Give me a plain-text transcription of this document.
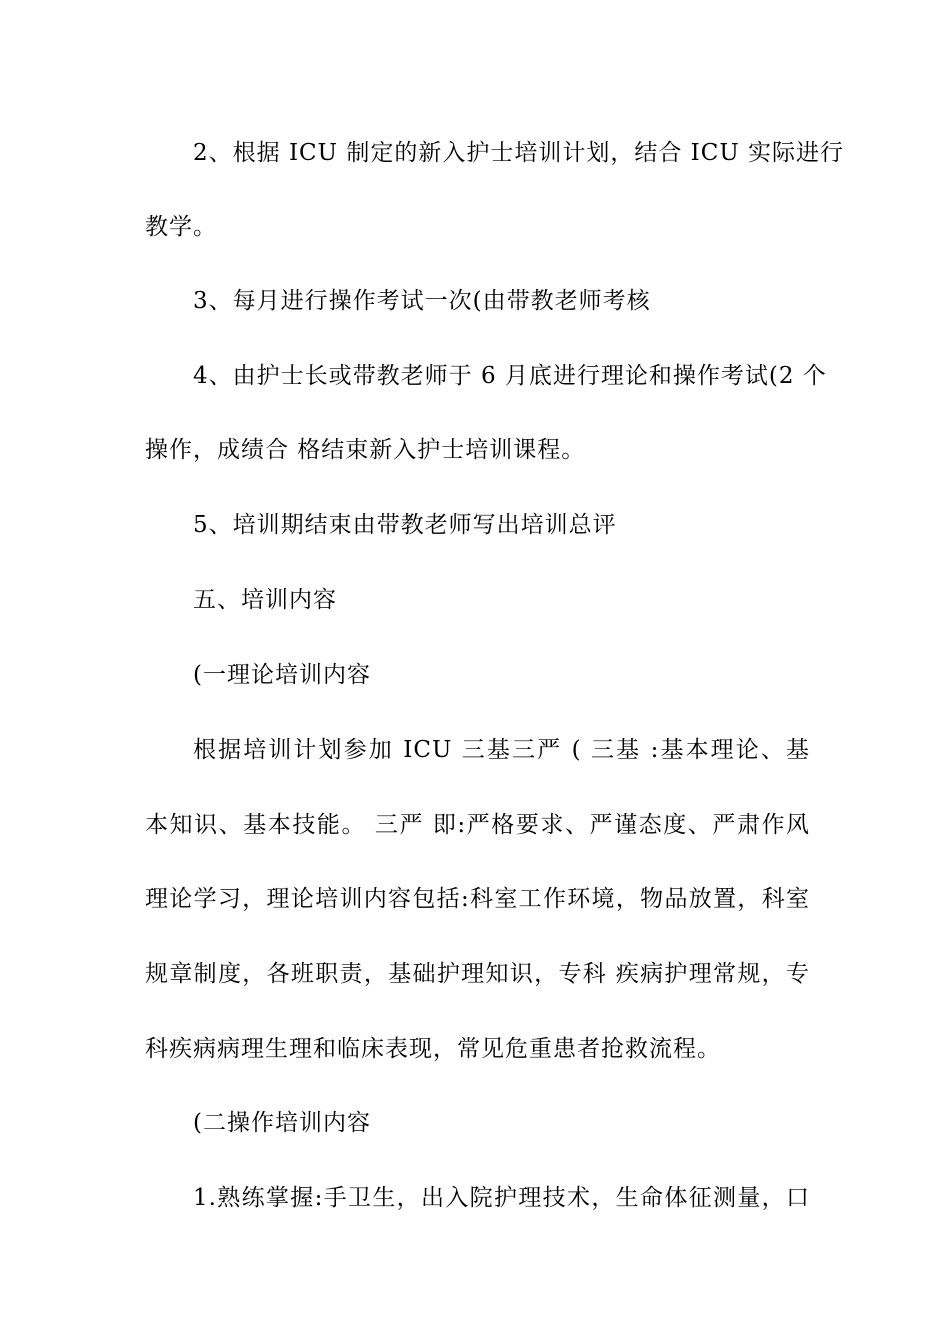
2、根据 ICU 制定的新入护士培训计划，结合 ICU 实际进行
教学。
3、每月进行操作考试一次(由带教老师考核
4、由护士长或带教老师于 6 月底进行理论和操作考试(2 个
操作，成绩合 格结束新入护士培训课程。
5、培训期结束由带教老师写出培训总评
五、培训内容
(一理论培训内容
根据培训计划参加 ICU 三基三严 ( 三基 :基本理论、基
本知识、基本技能。 三严 即:严格要求、严谨态度、严肃作风
理论学习，理论培训内容包括:科室工作环境，物品放置，科室
规章制度，各班职责，基础护理知识，专科 疾病护理常规，专
科疾病病理生理和临床表现，常见危重患者抢救流程。
(二操作培训内容
1.熟练掌握:手卫生，出入院护理技术，生命体征测量，口
